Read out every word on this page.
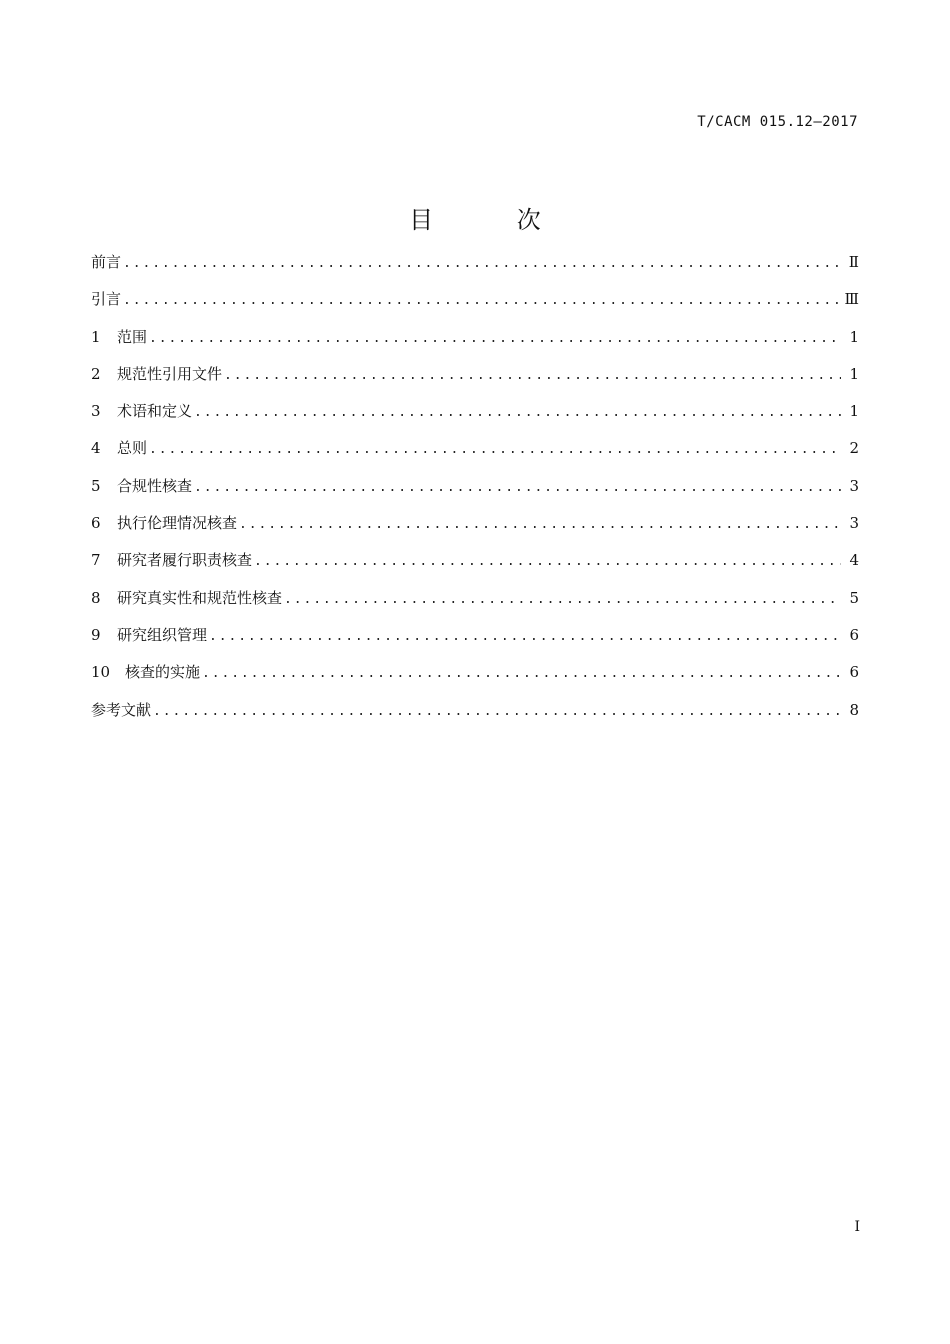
T/CACM 015.12—2017
目 次
前言 .....	Ⅱ
引言 .....	Ⅲ
1	范围 .....	1
2	规范性引用文件 .....	1
3	术语和定义 .....	1
4	总则 .....	2
5	合规性核查 .....	3
6	执行伦理情况核查 .....	3
7	研究者履行职责核查 .....	4
8	研究真实性和规范性核查 .....	5
9	研究组织管理 .....	6
10 核查的实施 .....	6
参考文献 .....	8
I
